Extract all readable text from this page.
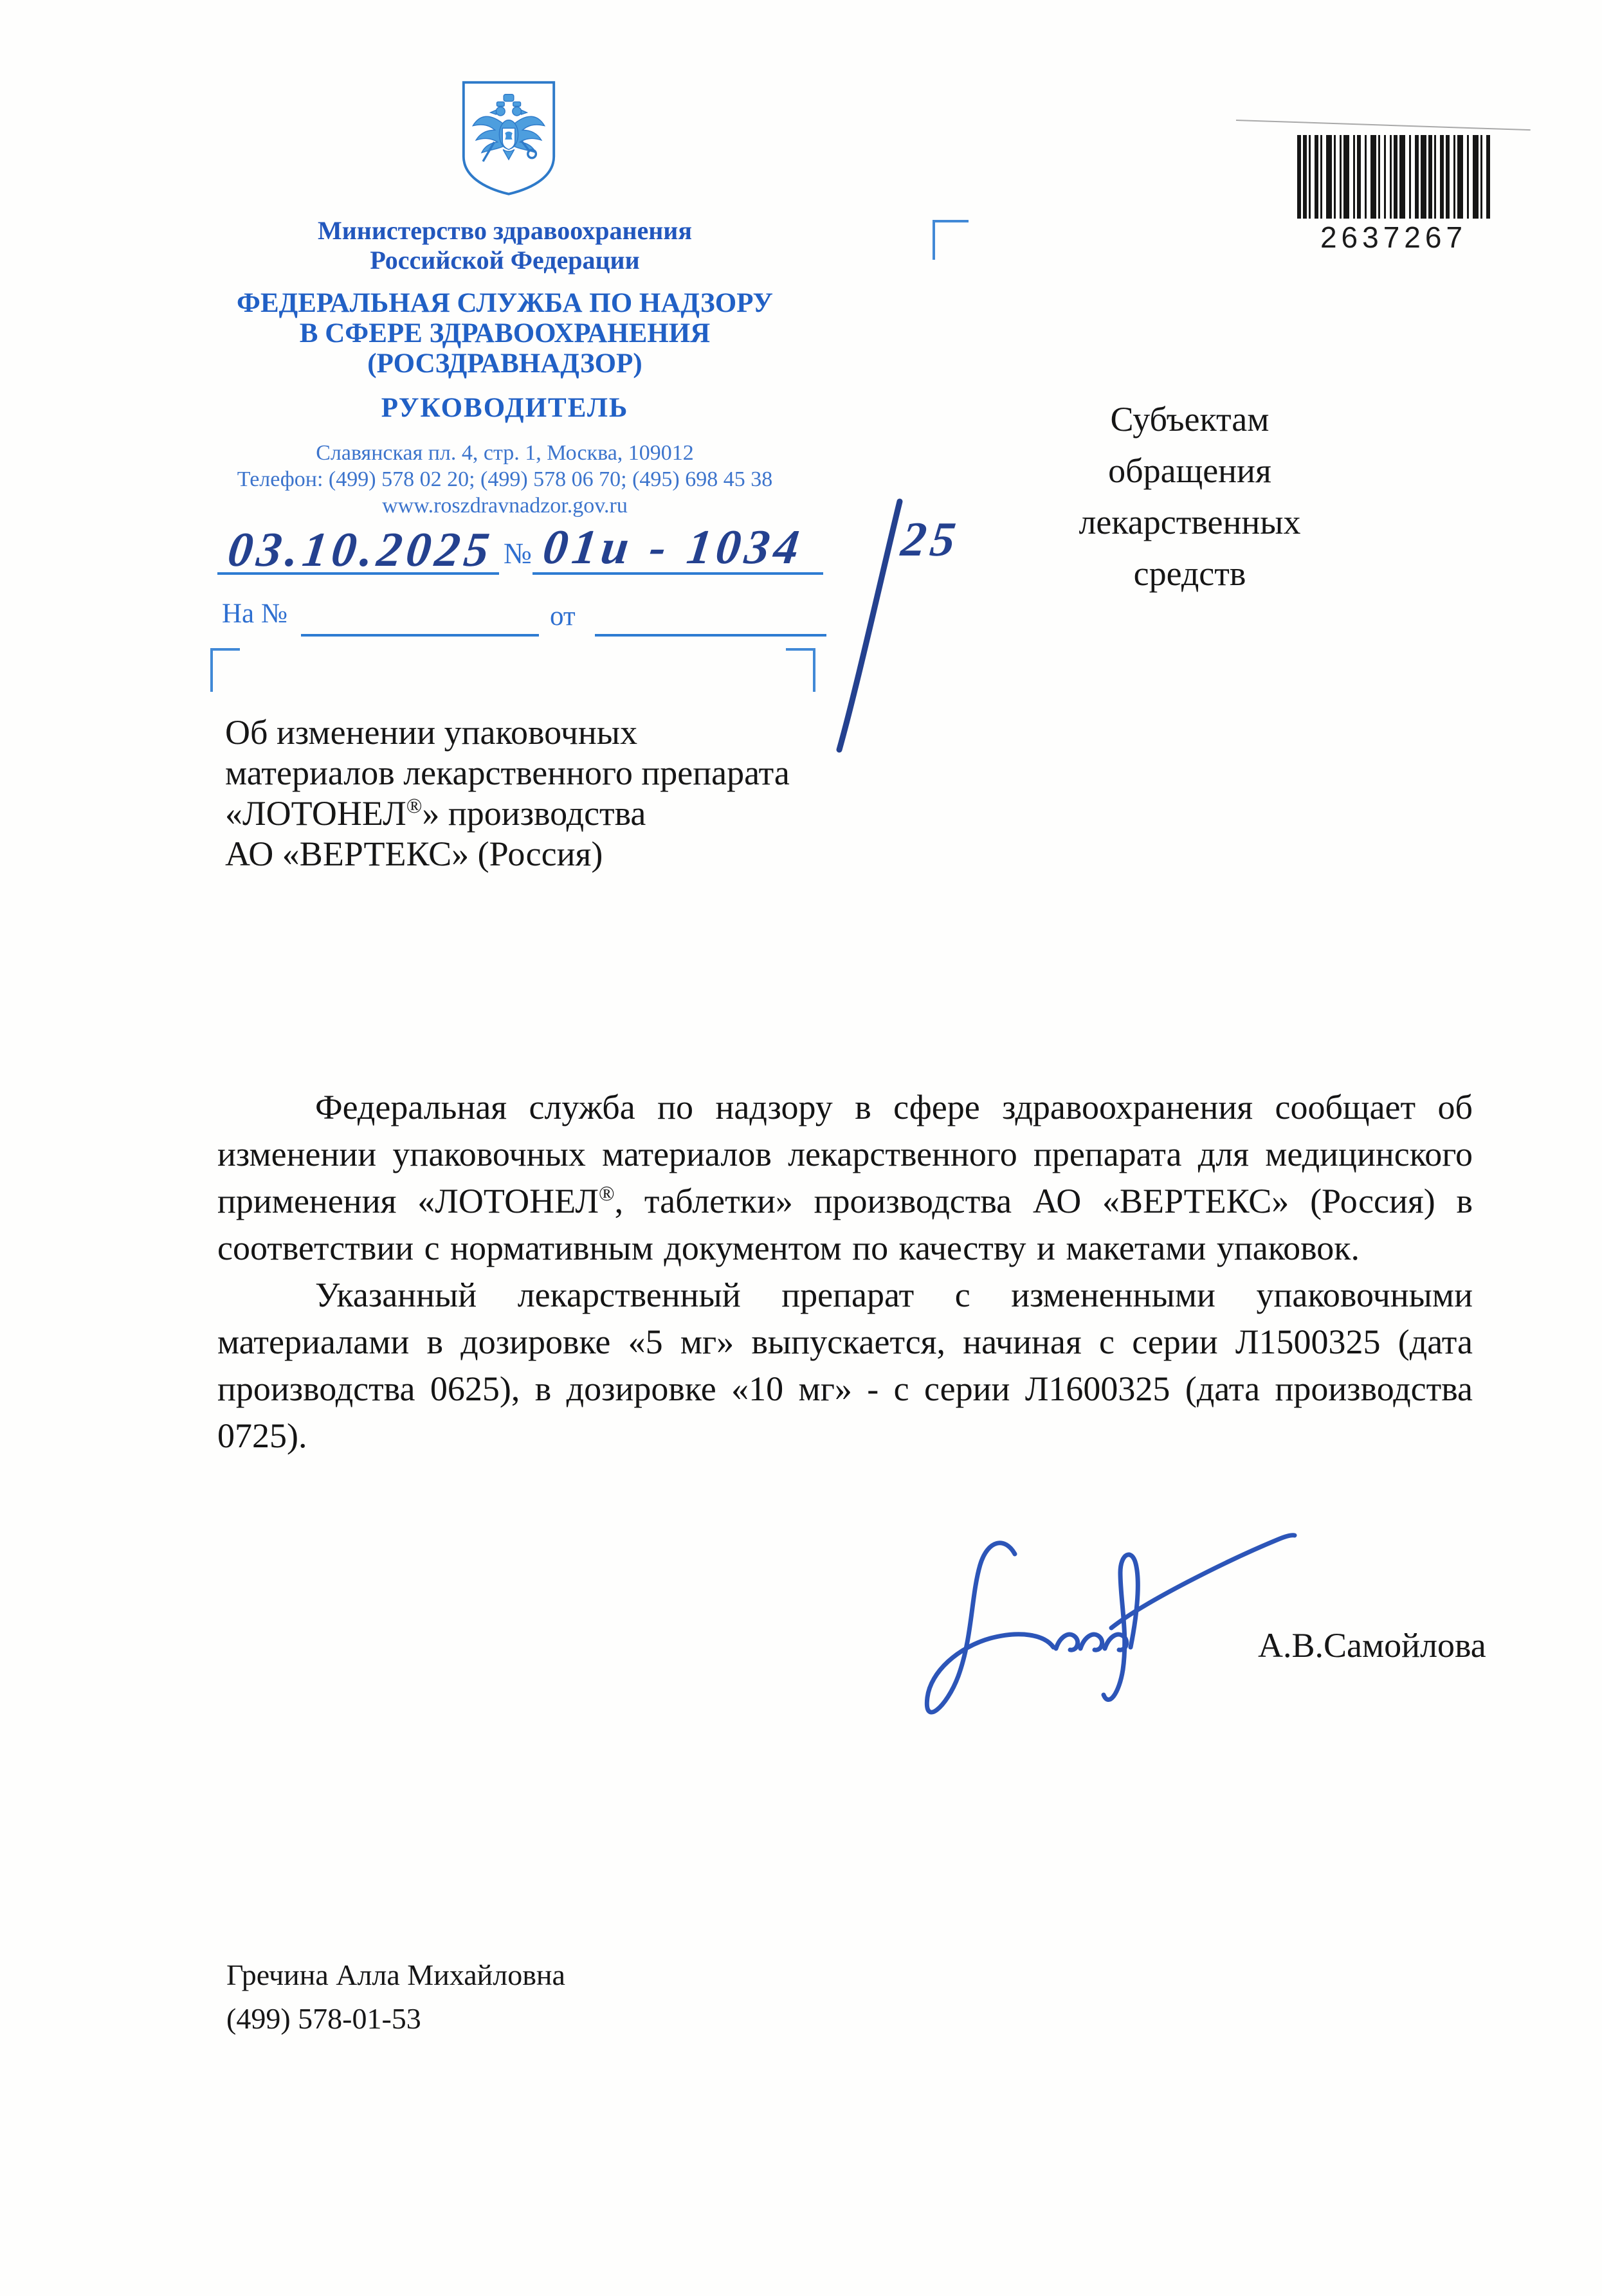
Министерство здравоохранения
Российской Федерации
ФЕДЕРАЛЬНАЯ СЛУЖБА ПО НАДЗОРУ
В СФЕРЕ ЗДРАВООХРАНЕНИЯ
(РОСЗДРАВНАДЗОР)
РУКОВОДИТЕЛЬ
Славянская пл. 4, стр. 1, Москва, 109012
Телефон: (499) 578 02 20; (499) 578 06 70; (495) 698 45 38
www.roszdravnadzor.gov.ru
03.10.2025 № 01и - 1034 25
На №	от
2637267
Субъектам обращения
лекарственных средств
Об изменении упаковочных
материалов лекарственного препарата
«ЛОТОНЕЛ®» производства
АО «ВЕРТЕКС» (Россия)

Федеральная служба по надзору в сфере здравоохранения сообщает об изменении упаковочных материалов лекарственного препарата для медицинского применения «ЛОТОНЕЛ®, таблетки» производства АО «ВЕРТЕКС» (Россия) в соответствии с нормативным документом по качеству и макетами упаковок.

Указанный лекарственный препарат с измененными упаковочными материалами в дозировке «5 мг» выпускается, начиная с серии Л1500325 (дата производства 0625), в дозировке «10 мг» - с серии Л1600325 (дата производства 0725).

А.В.Самойлова
Гречина Алла Михайловна
(499) 578-01-53
